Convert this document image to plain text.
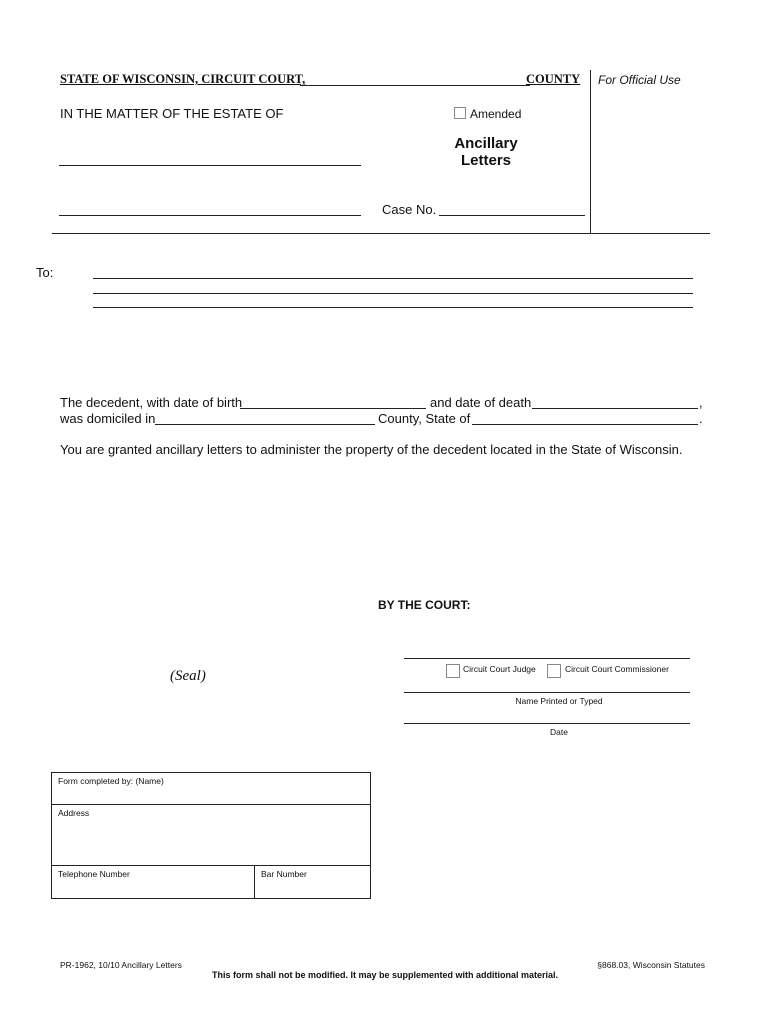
STATE OF WISCONSIN, CIRCUIT COURT,	COUNTY For Official Use
IN THE MATTER OF THE ESTATE OF	Amended
Ancillary
Letters
Case No.
To:
The decedent, with date of birth	and date of death	,
was domiciled in	County, State of	.
You are granted ancillary letters to administer the property of the decedent located in the State of Wisconsin.
BY THE COURT:
Circuit Court Judge	Circuit Court Commissioner
(Seal)
Name Printed or Typed
Date
Form completed by: (Name)
Address
Telephone Number	Bar Number
PR-1962, 10/10 Ancillary Letters	§868.03, Wisconsin Statutes
This form shall not be modified. It may be supplemented with additional material.
